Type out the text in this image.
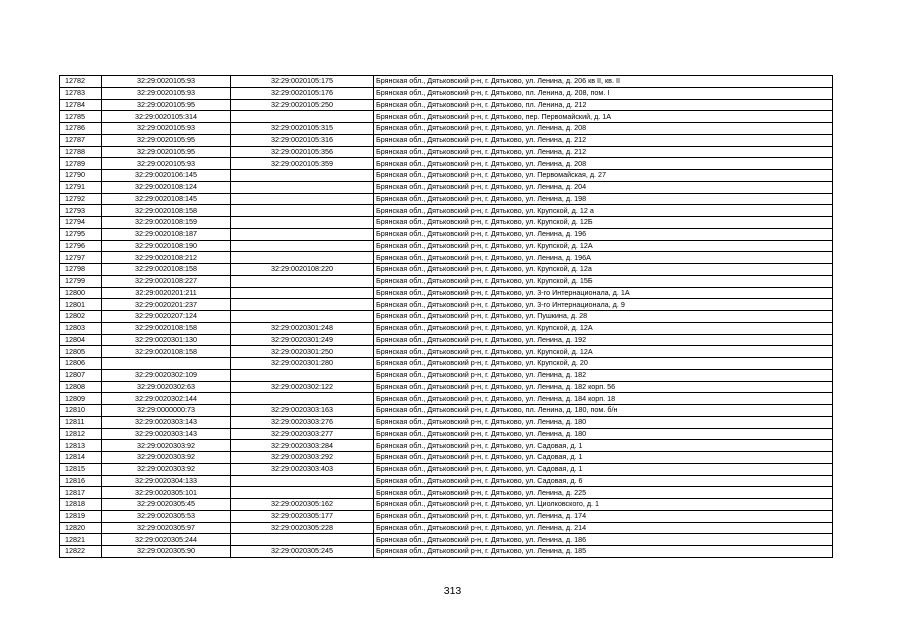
12782	32:29:0020105:93	32:29:0020105:175	Брянская обл., Дятьковский р-н, г. Дятьково, ул. Ленина, д. 206 кв II, кв. II
12783	32:29:0020105:93	32:29:0020105:176	Брянская обл., Дятьковский р-н, г. Дятьково, пл. Ленина, д. 208, пом. I
12784	32:29:0020105:95	32:29:0020105:250	Брянская обл., Дятьковский р-н, г. Дятьково, пл. Ленина, д. 212
12785	32:29:0020105:314		Брянская обл., Дятьковский р-н, г. Дятьково, пер. Первомайский, д. 1А
12786	32:29:0020105:93	32:29:0020105:315	Брянская обл., Дятьковский р-н, г. Дятьково, ул. Ленина, д. 208
12787	32:29:0020105:95	32:29:0020105:316	Брянская обл., Дятьковский р-н, г. Дятьково, ул. Ленина, д. 212
12788	32:29:0020105:95	32:29:0020105:356	Брянская обл., Дятьковский р-н, г. Дятьково, ул. Ленина, д. 212
12789	32:29:0020105:93	32:29:0020105:359	Брянская обл., Дятьковский р-н, г. Дятьково, ул. Ленина, д. 208
12790	32:29:0020106:145		Брянская обл., Дятьковский р-н, г. Дятьково, ул. Первомайская, д. 27
12791	32:29:0020108:124		Брянская обл., Дятьковский р-н, г. Дятьково, ул. Ленина, д. 204
12792	32:29:0020108:145		Брянская обл., Дятьковский р-н, г. Дятьково, ул. Ленина, д. 198
12793	32:29:0020108:158		Брянская обл., Дятьковский р-н, г. Дятьково, ул. Крупской, д. 12 а
12794	32:29:0020108:159		Брянская обл., Дятьковский р-н, г. Дятьково, ул. Крупской, д. 12Б
12795	32:29:0020108:187		Брянская обл., Дятьковский р-н, г. Дятьково, ул. Ленина, д. 196
12796	32:29:0020108:190		Брянская обл., Дятьковский р-н, г. Дятьково, ул. Крупской, д. 12А
12797	32:29:0020108:212		Брянская обл., Дятьковский р-н, г. Дятьково, ул. Ленина, д. 196А
12798	32:29:0020108:158	32:29:0020108:220	Брянская обл., Дятьковский р-н, г. Дятьково, ул. Крупской, д. 12а
12799	32:29:0020108:227		Брянская обл., Дятьковский р-н, г. Дятьково, ул. Крупской, д. 15Б
12800	32:29:0020201:211		Брянская обл., Дятьковский р-н, г. Дятьково, ул. 3-го Интернационала, д. 1А
12801	32:29:0020201:237		Брянская обл., Дятьковский р-н, г. Дятьково, ул. 3-го Интернационала, д. 9
12802	32:29:0020207:124		Брянская обл., Дятьковский р-н, г. Дятьково, ул. Пушкина, д. 28
12803	32:29:0020108:158	32:29:0020301:248	Брянская обл., Дятьковский р-н, г. Дятьково, ул. Крупской, д. 12А
12804	32:29:0020301:130	32:29:0020301:249	Брянская обл., Дятьковский р-н, г. Дятьково, ул. Ленина, д. 192
12805	32:29:0020108:158	32:29:0020301:250	Брянская обл., Дятьковский р-н, г. Дятьково, ул. Крупской, д. 12А
12806		32:29:0020301:280	Брянская обл., Дятьковский р-н, г. Дятьково, ул. Крупской, д. 20
12807	32:29:0020302:109		Брянская обл., Дятьковский р-н, г. Дятьково, ул. Ленина, д. 182
12808	32:29:0020302:63	32:29:0020302:122	Брянская обл., Дятьковский р-н, г. Дятьково, ул. Ленина, д. 182 корп. 56
12809	32:29:0020302:144		Брянская обл., Дятьковский р-н, г. Дятьково, ул. Ленина, д. 184 корп. 18
12810	32:29:0000000:73	32:29:0020303:163	Брянская обл., Дятьковский р-н, г. Дятьково, пл. Ленина, д. 180, пом. б/н
12811	32:29:0020303:143	32:29:0020303:276	Брянская обл., Дятьковский р-н, г. Дятьково, ул. Ленина, д. 180
12812	32:29:0020303:143	32:29:0020303:277	Брянская обл., Дятьковский р-н, г. Дятьково, ул. Ленина, д. 180
12813	32:29:0020303:92	32:29:0020303:284	Брянская обл., Дятьковский р-н, г. Дятьково, ул. Садовая, д. 1
12814	32:29:0020303:92	32:29:0020303:292	Брянская обл., Дятьковский р-н, г. Дятьково, ул. Садовая, д. 1
12815	32:29:0020303:92	32:29:0020303:403	Брянская обл., Дятьковский р-н, г. Дятьково, ул. Садовая, д. 1
12816	32:29:0020304:133		Брянская обл., Дятьковский р-н, г. Дятьково, ул. Садовая, д. 6
12817	32:29:0020305:101		Брянская обл., Дятьковский р-н, г. Дятьково, ул. Ленина, д. 225
12818	32:29:0020305:45	32:29:0020305:162	Брянская обл., Дятьковский р-н, г. Дятьково, ул. Циолковского, д. 1
12819	32:29:0020305:53	32:29:0020305:177	Брянская обл., Дятьковский р-н, г. Дятьково, ул. Ленина, д. 174
12820	32:29:0020305:97	32:29:0020305:228	Брянская обл., Дятьковский р-н, г. Дятьково, ул. Ленина, д. 214
12821	32:29:0020305:244		Брянская обл., Дятьковский р-н, г. Дятьково, ул. Ленина, д. 186
12822	32:29:0020305:90	32:29:0020305:245	Брянская обл., Дятьковский р-н, г. Дятьково, ул. Ленина, д. 185
313
